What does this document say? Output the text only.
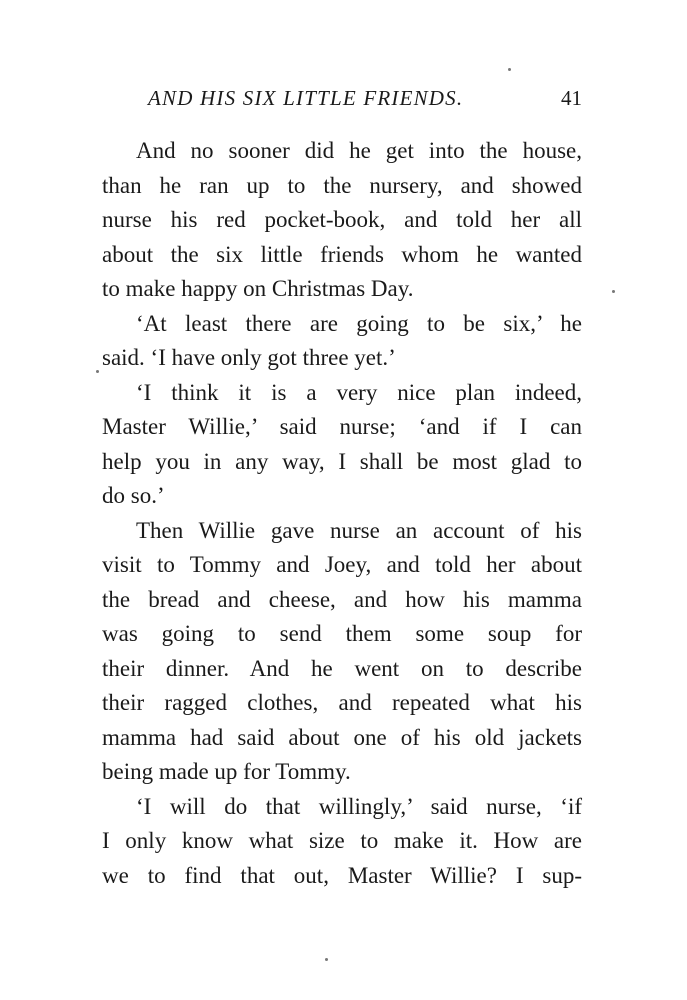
AND HIS SIX LITTLE FRIENDS.	41
And no sooner did he get into the house,
than he ran up to the nursery, and showed
nurse his red pocket-book, and told her all
about the six little friends whom he wanted
to make happy on Christmas Day.
‘At least there are going to be six,’ he
said. ‘I have only got three yet.’
‘I think it is a very nice plan indeed,
Master Willie,’ said nurse; ‘and if I can
help you in any way, I shall be most glad to
do so.’
Then Willie gave nurse an account of his
visit to Tommy and Joey, and told her about
the bread and cheese, and how his mamma
was going to send them some soup for
their dinner. And he went on to describe
their ragged clothes, and repeated what his
mamma had said about one of his old jackets
being made up for Tommy.
‘I will do that willingly,’ said nurse, ‘if
I only know what size to make it. How are
we to find that out, Master Willie? I sup-
